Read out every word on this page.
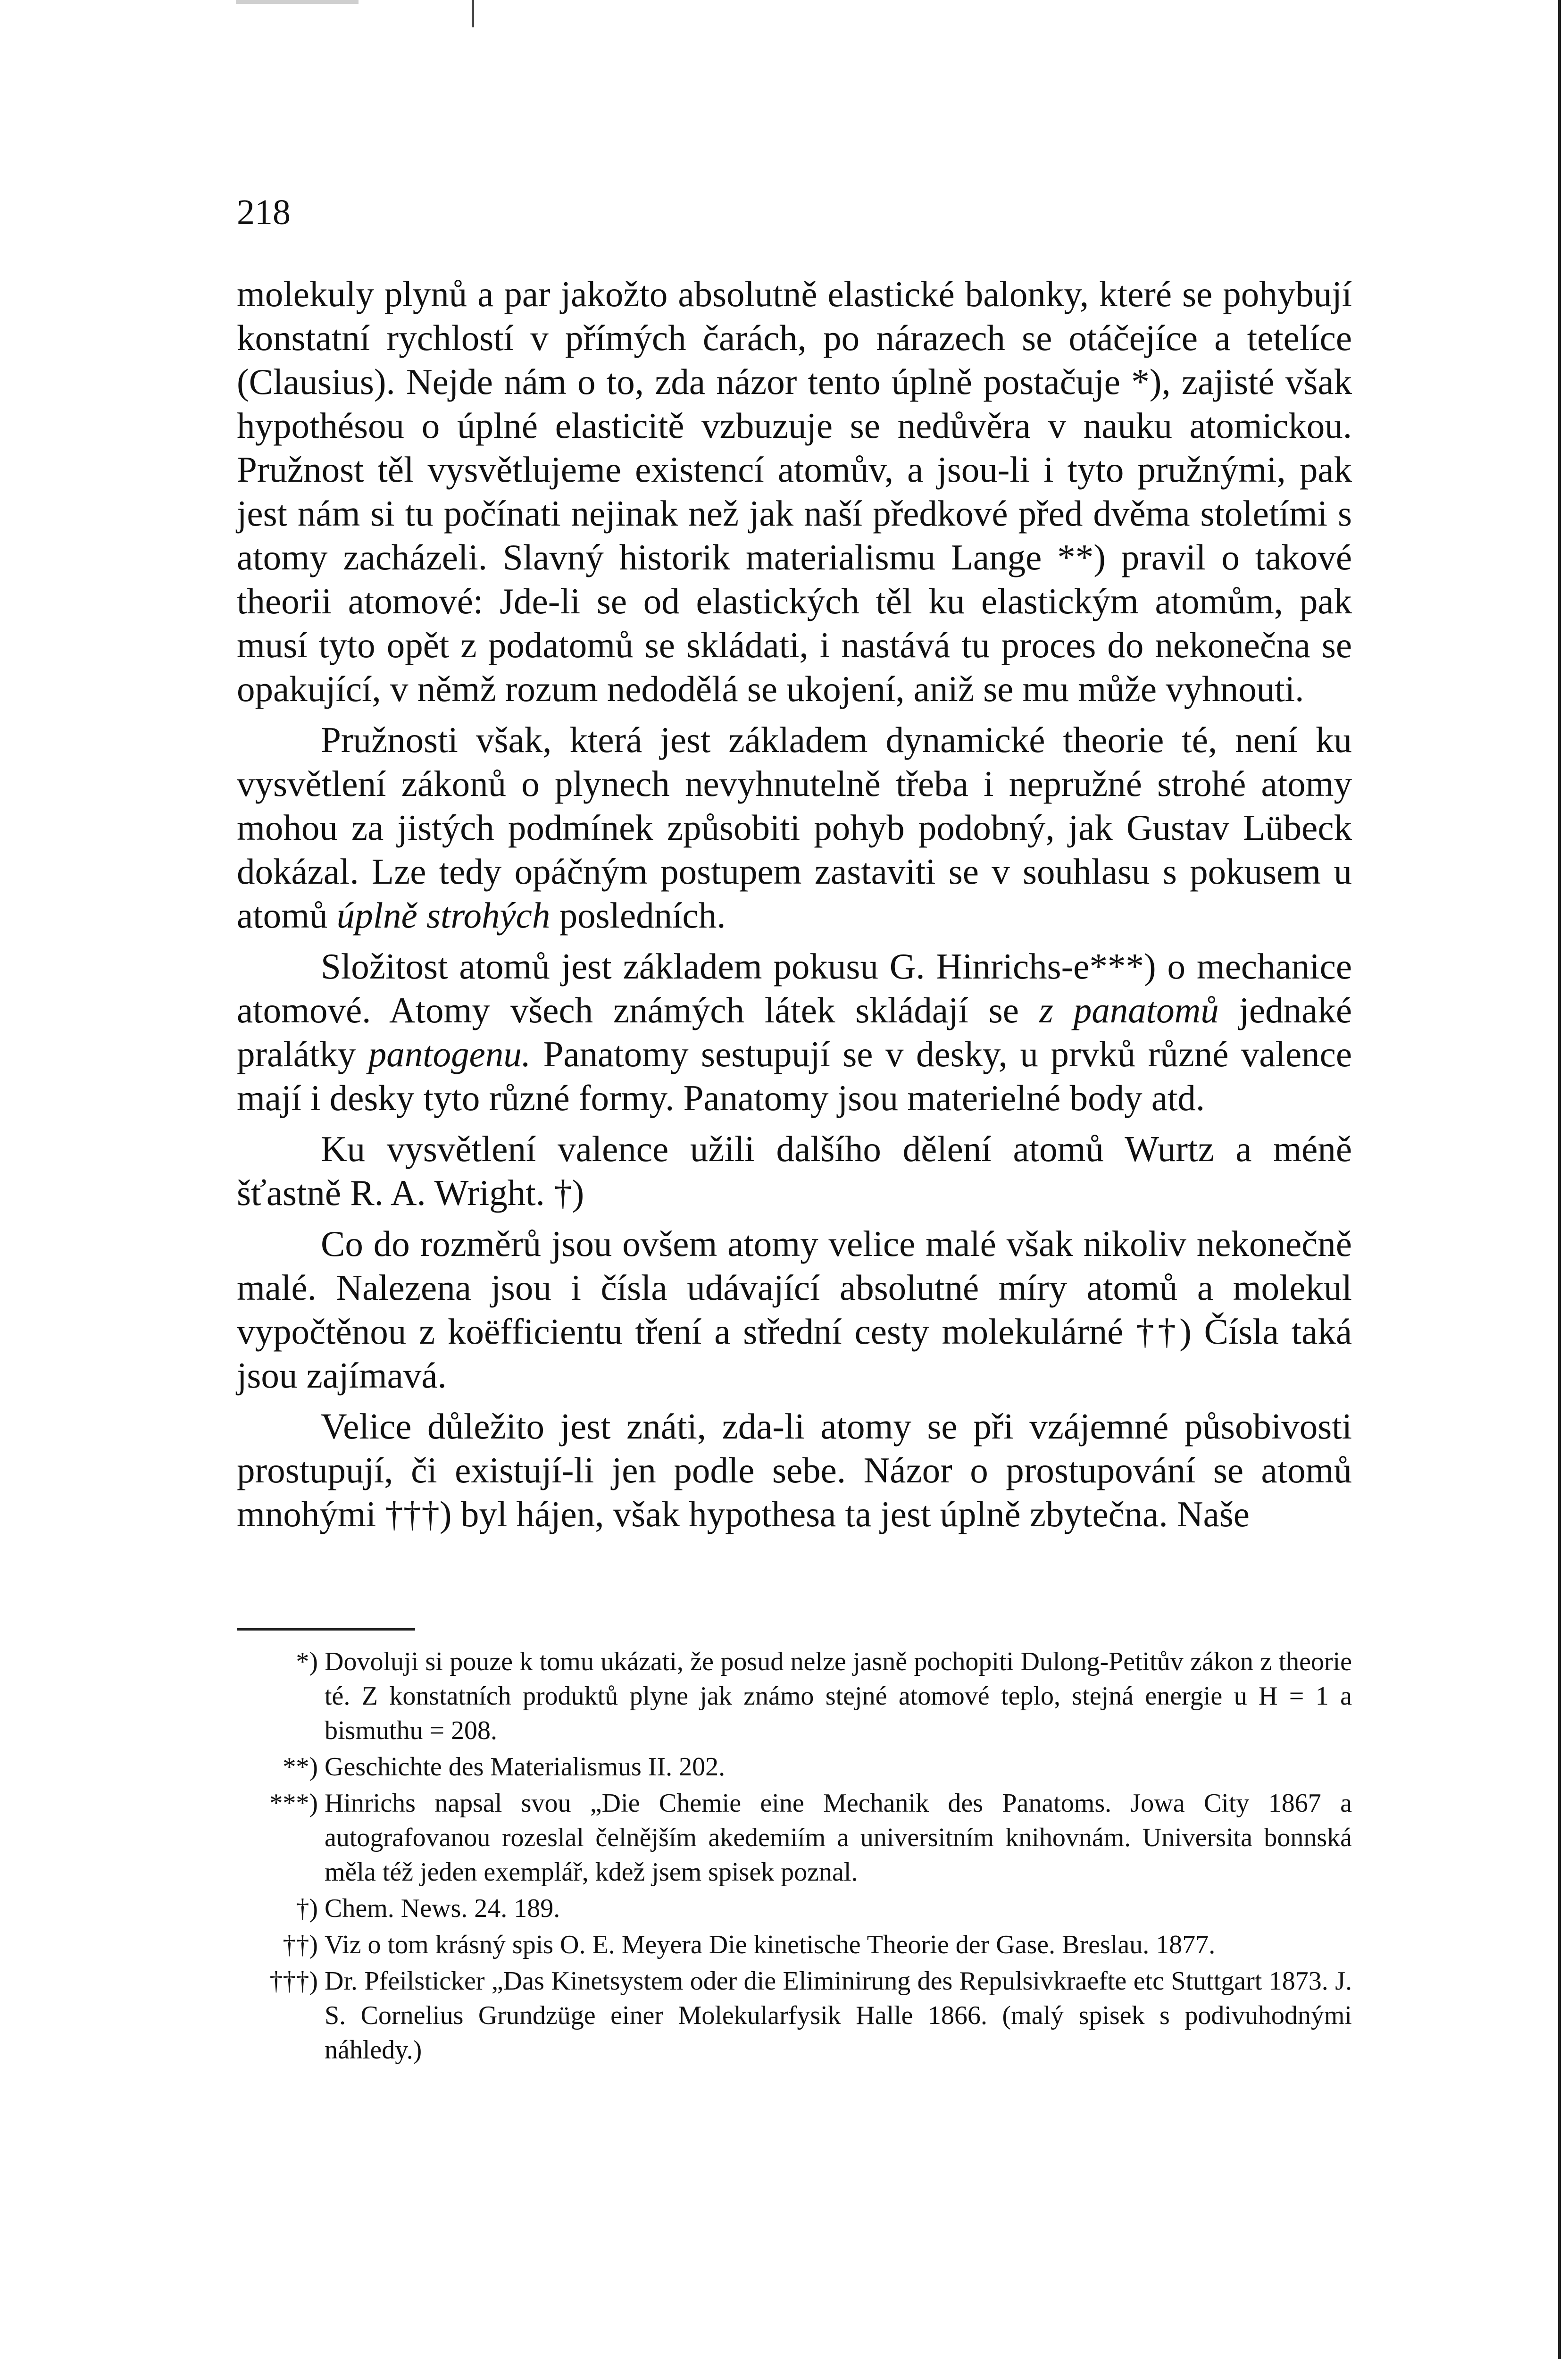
218

molekuly plynů a par jakožto absolutně elastické balonky, které se pohybují konstatní rychlostí v přímých čarách, po nárazech se otáčejíce a tetelíce (Clausius). Nejde nám o to, zda názor tento úplně postačuje *), zajisté však hypothésou o úplné elasticitě vzbuzuje se nedůvěra v nauku atomickou. Pružnost těl vysvětlujeme existencí atomův, a jsou-li i tyto pružnými, pak jest nám si tu počínati nejinak než jak naší předkové před dvěma stoletími s atomy zacházeli. Slavný historik materialismu Lange **) pravil o takové theorii atomové: Jde-li se od elastických těl ku elastickým atomům, pak musí tyto opět z podatomů se skládati, i nastává tu proces do nekonečna se opakující, v němž rozum nedodělá se ukojení, aniž se mu může vyhnouti.

Pružnosti však, která jest základem dynamické theorie té, není ku vysvětlení zákonů o plynech nevyhnutelně třeba i nepružné strohé atomy mohou za jistých podmínek způsobiti pohyb podobný, jak Gustav Lübeck dokázal. Lze tedy opáčným postupem zastaviti se v souhlasu s pokusem u atomů úplně strohých posledních.

Složitost atomů jest základem pokusu G. Hinrichs-e***) o mechanice atomové. Atomy všech známých látek skládají se z panatomů jednaké pralátky pantogenu. Panatomy sestupují se v desky, u prvků různé valence mají i desky tyto různé formy. Panatomy jsou materielné body atd.

Ku vysvětlení valence užili dalšího dělení atomů Wurtz a méně šťastně R. A. Wright. †)

Co do rozměrů jsou ovšem atomy velice malé však nikoliv nekonečně malé. Nalezena jsou i čísla udávající absolutné míry atomů a molekul vypočtěnou z koëfficientu tření a střední cesty molekulárné ††) Čísla taká jsou zajímavá.

Velice důležito jest znáti, zda-li atomy se při vzájemné působivosti prostupují, či existují-li jen podle sebe. Názor o prostupování se atomů mnohými †††) byl hájen, však hypothesa ta jest úplně zbytečna. Naše

*) Dovoluji si pouze k tomu ukázati, že posud nelze jasně pochopiti Dulong-Petitův zákon z theorie té. Z konstatních produktů plyne jak známo stejné atomové teplo, stejná energie u H = 1 a bismuthu = 208.
**) Geschichte des Materialismus II. 202.
***) Hinrichs napsal svou „Die Chemie eine Mechanik des Panatoms. Jowa City 1867 a autografovanou rozeslal čelnějším akedemiím a universitním knihovnám. Universita bonnská měla též jeden exemplář, kdež jsem spisek poznal.
†) Chem. News. 24. 189.
††) Viz o tom krásný spis O. E. Meyera Die kinetische Theorie der Gase. Breslau. 1877.
†††) Dr. Pfeilsticker „Das Kinetsystem oder die Eliminirung des Repulsivkraefte etc Stuttgart 1873. J. S. Cornelius Grundzüge einer Molekularfysik Halle 1866. (malý spisek s podivuhodnými náhledy.)
